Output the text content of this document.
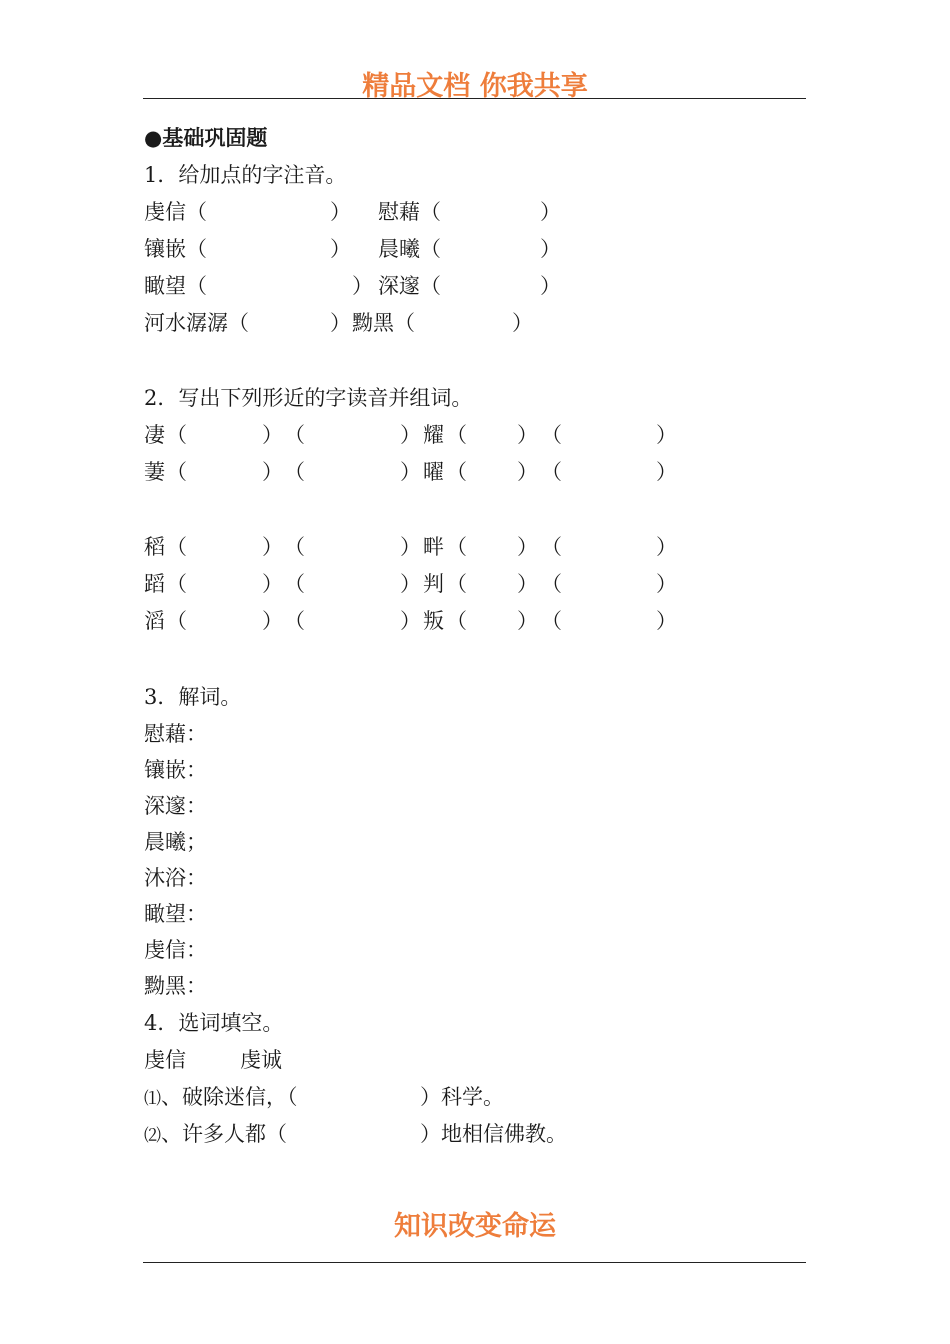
精品文档 你我共享
●基础巩固题
1．给加点的字注音。
虔信（	） 慰藉（	）
镶嵌（	） 晨曦（	）
瞰望（	） 深邃（	）
河水潺潺（	） 黝黑（	）
2．写出下列形近的字读音并组词。
凄 （	） （	） 耀 （ ） （	）
萋 （	） （	） 曜 （ ） （	）
稻 （	） （	） 畔 （ ） （	）
蹈 （	） （	） 判 （ ） （	）
滔 （	） （	） 叛 （ ） （	）
3．解词。
慰藉：
镶嵌：
深邃：
晨曦；
沐浴：
瞰望：
虔信：
黝黑：
4．选词填空。
虔信	虔诚
⑴、破除迷信，（	）科学。
⑵、许多人都（	）地相信佛教。
知识改变命运
